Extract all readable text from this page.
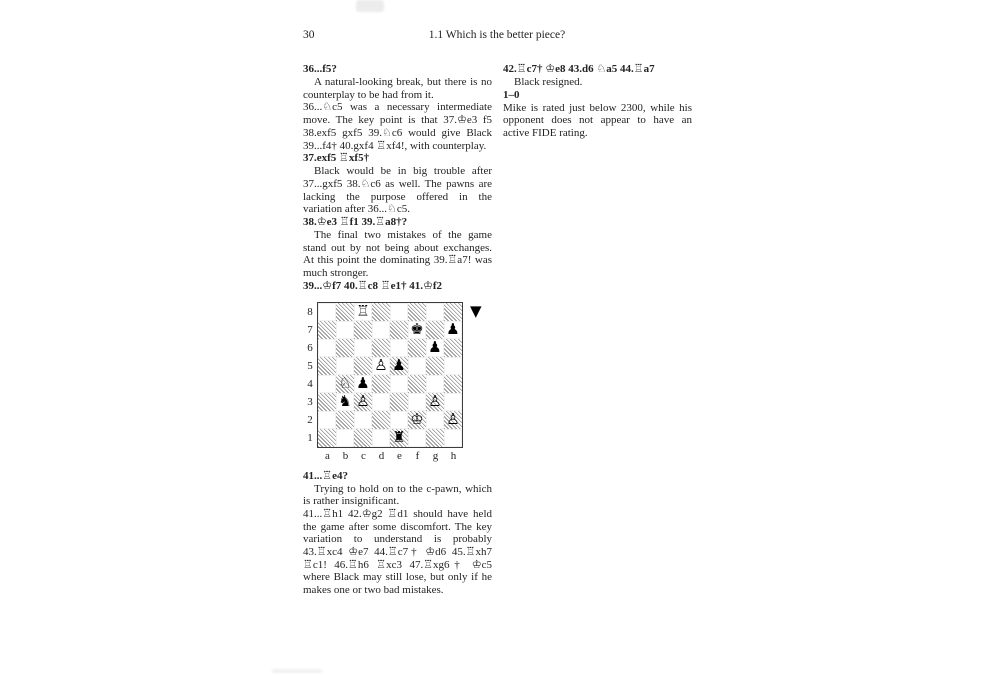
30	1.1 Which is the better piece?
36...f5?

A natural-looking break, but there is no counterplay to be had from it.

36...♘c5 was a necessary intermediate move. The key point is that 37.♔e3 f5 38.exf5 gxf5 39.♘c6 would give Black 39...f4† 40.gxf4 ♖xf4!, with counterplay.

37.exf5 ♖xf5†

Black would be in big trouble after 37...gxf5 38.♘c6 as well. The pawns are lacking the purpose offered in the variation after 36...♘c5.

38.♔e3 ♖f1 39.♖a8†?

The final two mistakes of the game stand out by not being about exchanges. At this point the dominating 39.♖a7! was much stronger.

39...♔f7 40.♖c8 ♖e1† 41.♔f2
8
7
6
5
4
3
2
1
♖
♚ ♟
♟
♙ ♟
♘ ♟
♞ ♙	♙
♔ ♙
♜
▼
a	b	c	d	e	f	g	h
41...♖e4?

Trying to hold on to the c-pawn, which is rather insignificant.

41...♖h1 42.♔g2 ♖d1 should have held the game after some discomfort. The key variation to understand is probably 43.♖xc4 ♔e7 44.♖c7† ♔d6 45.♖xh7 ♖c1! 46.♖h6 ♖xc3 47.♖xg6† ♔c5 where Black may still lose, but only if he makes one or two bad mistakes.

42.♖c7† ♔e8 43.d6 ♘a5 44.♖a7

Black resigned.

1–0

Mike is rated just below 2300, while his opponent does not appear to have an active FIDE rating.
